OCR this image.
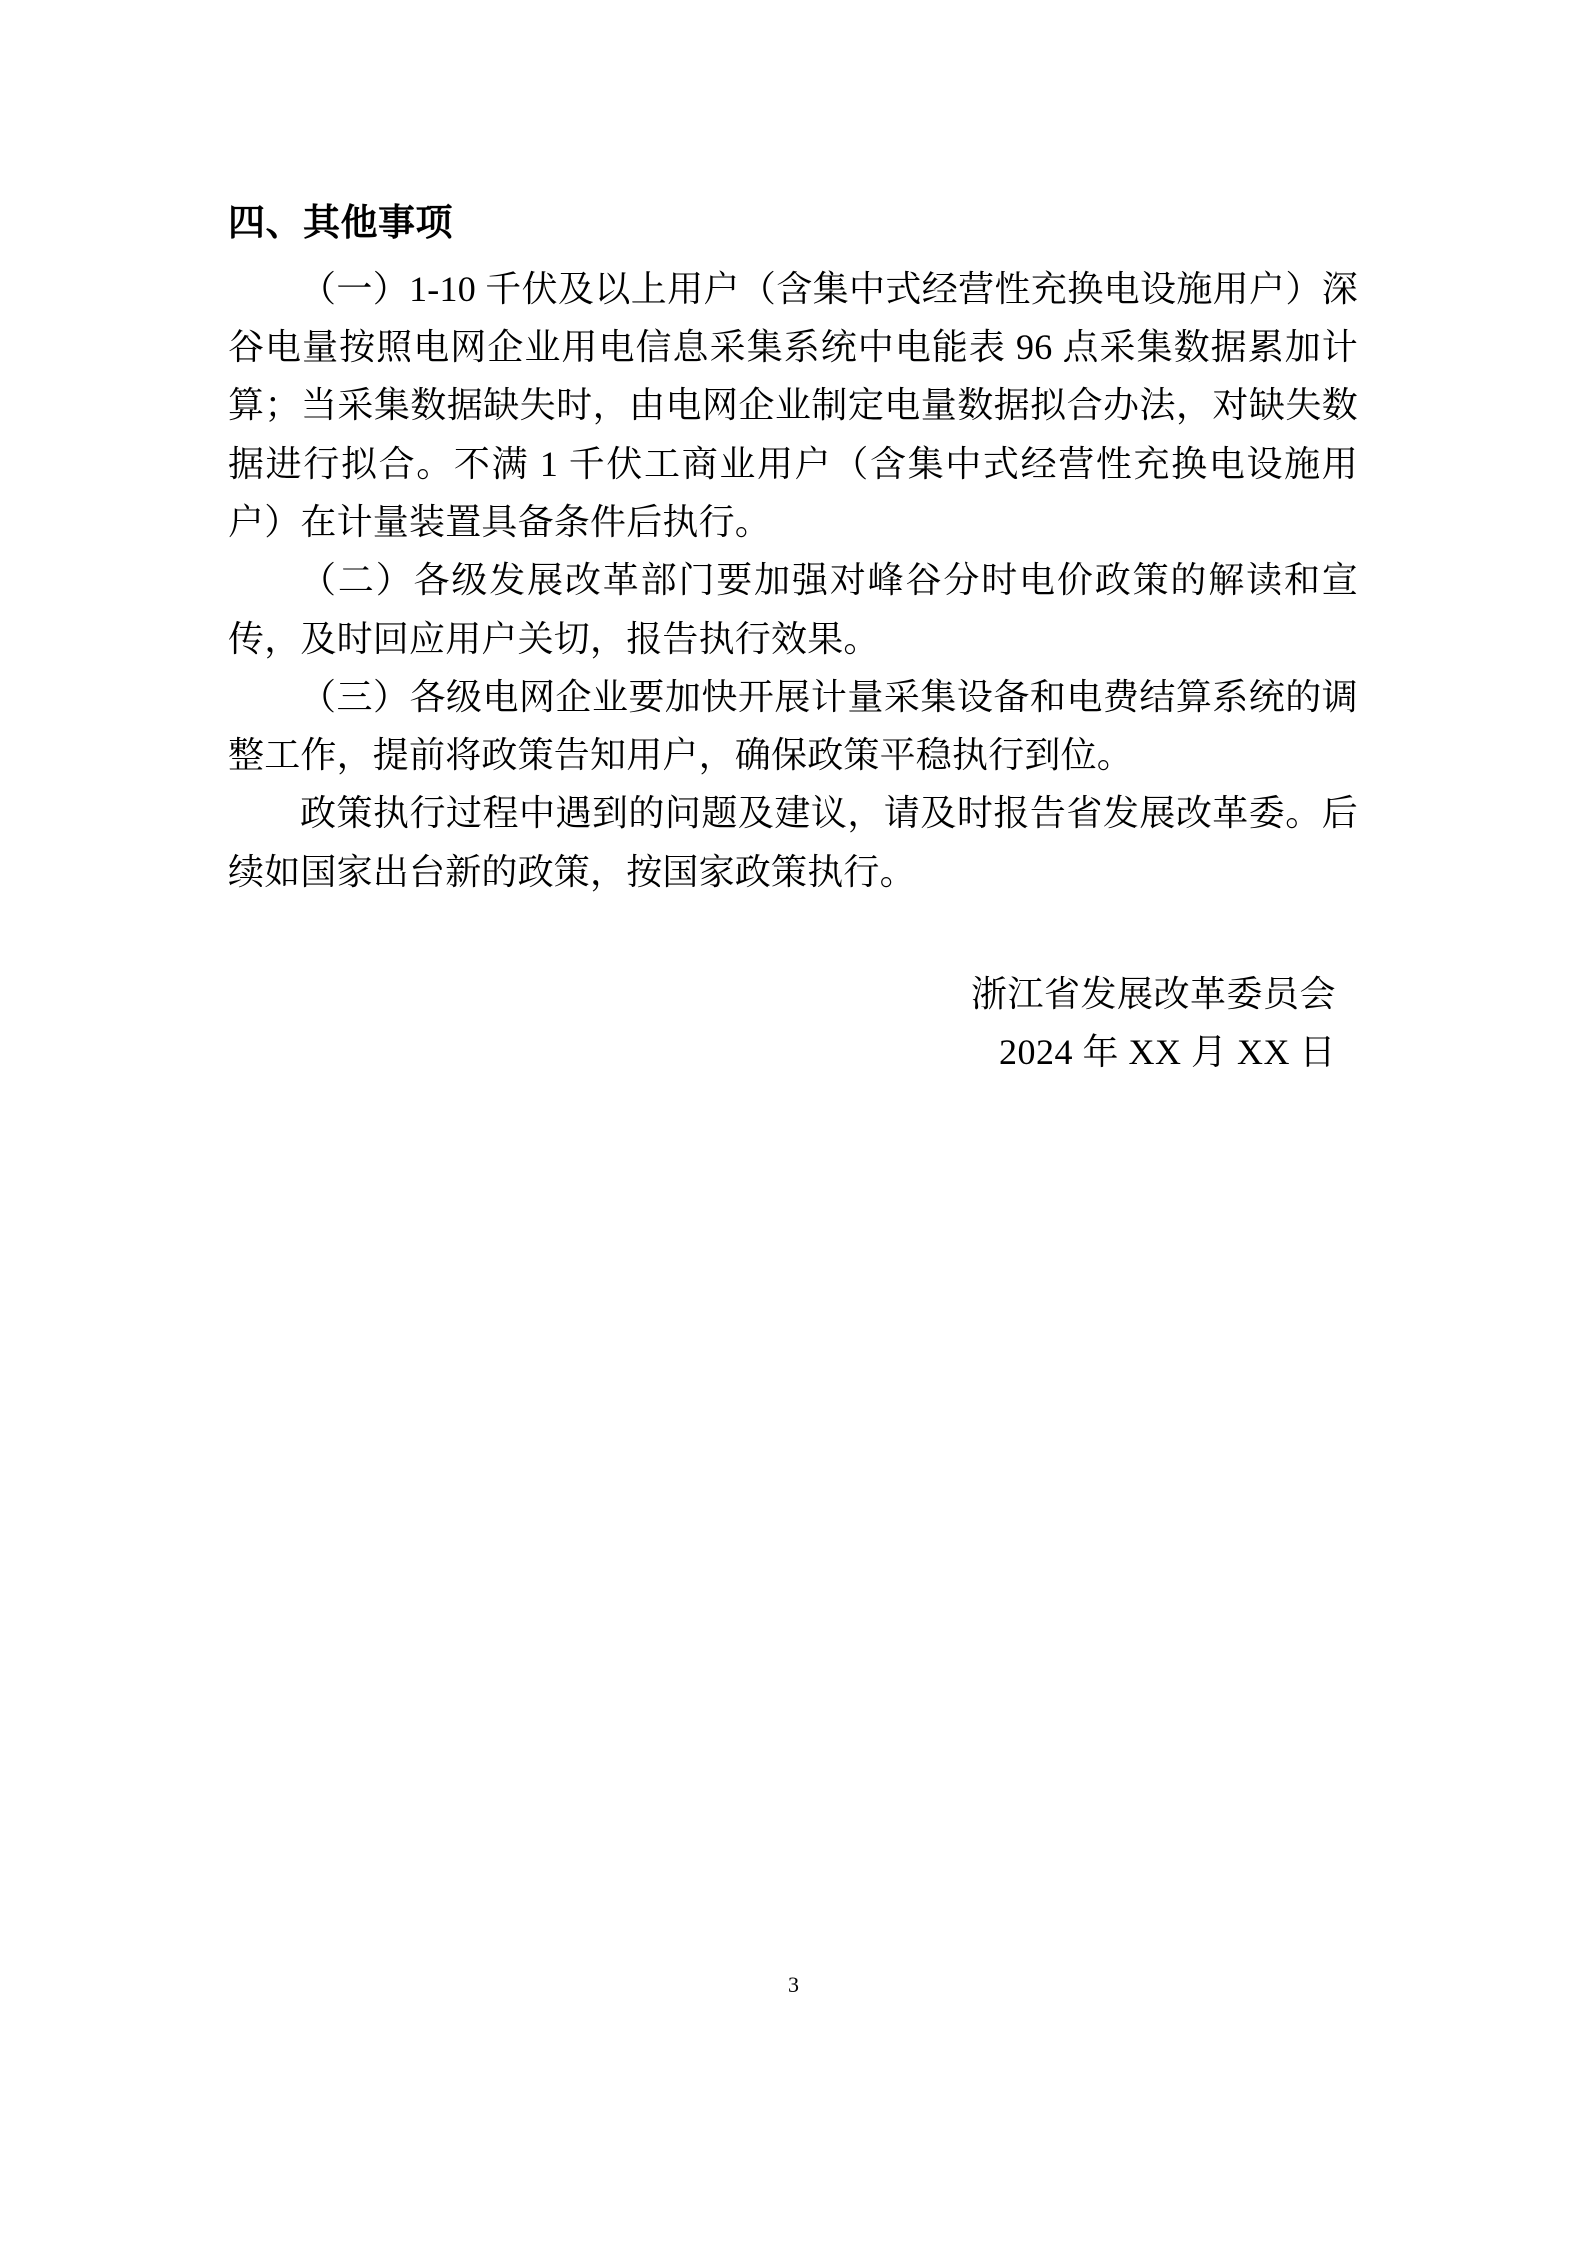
四、其他事项

（一）1-10 千伏及以上用户（含集中式经营性充换电设施用户）深谷电量按照电网企业用电信息采集系统中电能表 96 点采集数据累加计算；当采集数据缺失时，由电网企业制定电量数据拟合办法，对缺失数据进行拟合。不满 1 千伏工商业用户（含集中式经营性充换电设施用户）在计量装置具备条件后执行。

（二）各级发展改革部门要加强对峰谷分时电价政策的解读和宣传，及时回应用户关切，报告执行效果。

（三）各级电网企业要加快开展计量采集设备和电费结算系统的调整工作，提前将政策告知用户，确保政策平稳执行到位。

政策执行过程中遇到的问题及建议，请及时报告省发展改革委。后续如国家出台新的政策，按国家政策执行。

浙江省发展改革委员会
2024 年 XX 月 XX 日
3
